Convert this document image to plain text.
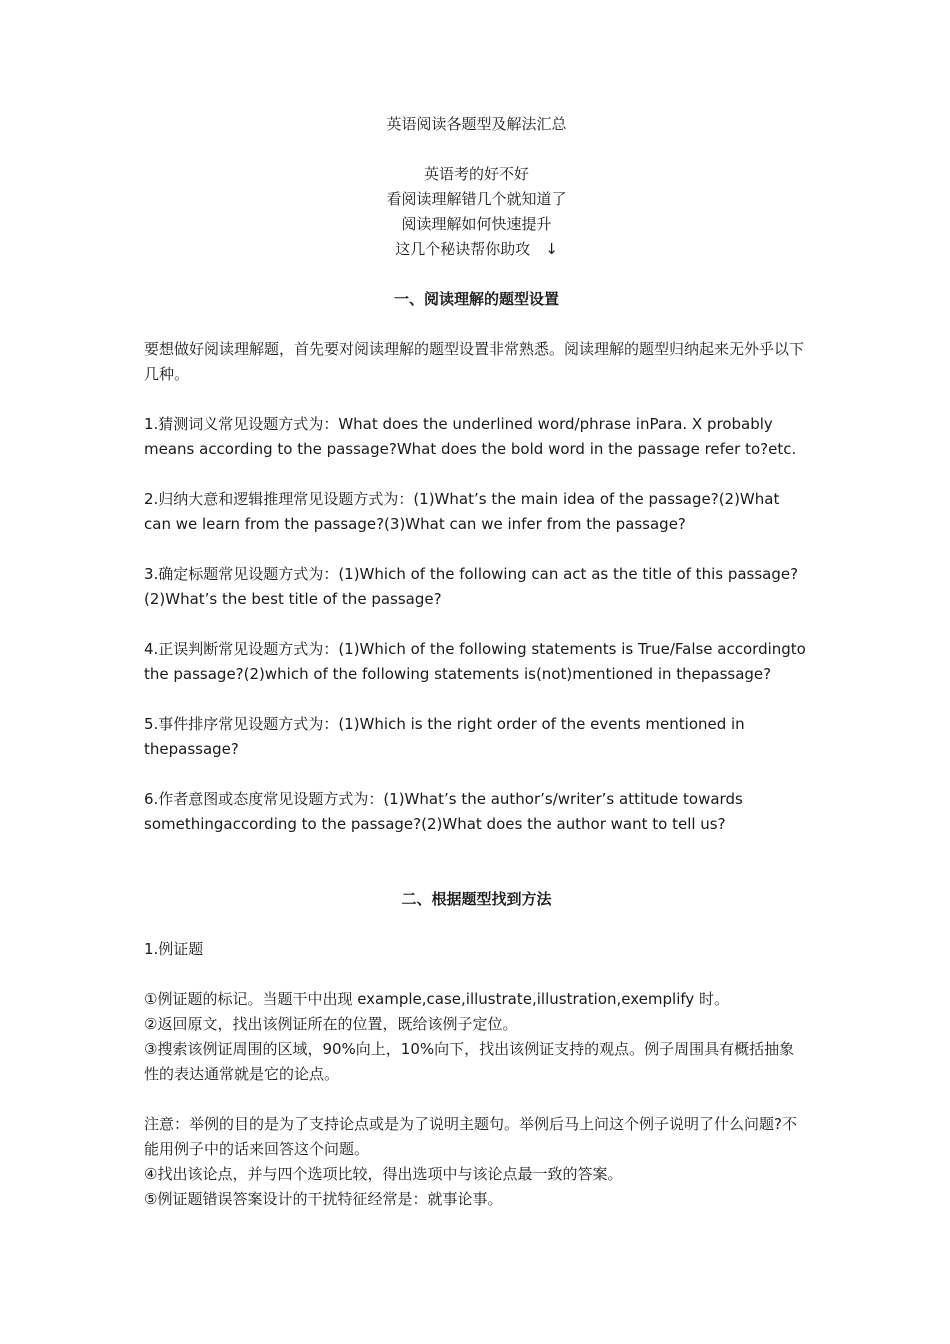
英语阅读各题型及解法汇总

英语考的好不好

看阅读理解错几个就知道了

阅读理解如何快速提升

这几个秘诀帮你助攻　↓

一、阅读理解的题型设置

要想做好阅读理解题，首先要对阅读理解的题型设置非常熟悉。阅读理解的题型归纳起来无外乎以下几种。

1.猜测词义常见设题方式为：What does the underlined word/phrase inPara. X probably means according to the passage?What does the bold word in the passage refer to?etc.

2.归纳大意和逻辑推理常见设题方式为：(1)What’s the main idea of the passage?(2)What can we learn from the passage?(3)What can we infer from the passage?

3.确定标题常见设题方式为：(1)Which of the following can act as the title of this passage?(2)What’s the best title of the passage?

4.正误判断常见设题方式为：(1)Which of the following statements is True/False accordingto the passage?(2)which of the following statements is(not)mentioned in thepassage?

5.事件排序常见设题方式为：(1)Which is the right order of the events mentioned in thepassage?

6.作者意图或态度常见设题方式为：(1)What’s the author’s/writer’s attitude towards somethingaccording to the passage?(2)What does the author want to tell us?

二、根据题型找到方法

1.例证题

①例证题的标记。当题干中出现 example,case,illustrate,illustration,exemplify 时。

②返回原文，找出该例证所在的位置，既给该例子定位。

③搜索该例证周围的区域，90%向上，10%向下，找出该例证支持的观点。例子周围具有概括抽象性的表达通常就是它的论点。

注意：举例的目的是为了支持论点或是为了说明主题句。举例后马上问这个例子说明了什么问题?不能用例子中的话来回答这个问题。

④找出该论点，并与四个选项比较，得出选项中与该论点最一致的答案。

⑤例证题错误答案设计的干扰特征经常是：就事论事。
